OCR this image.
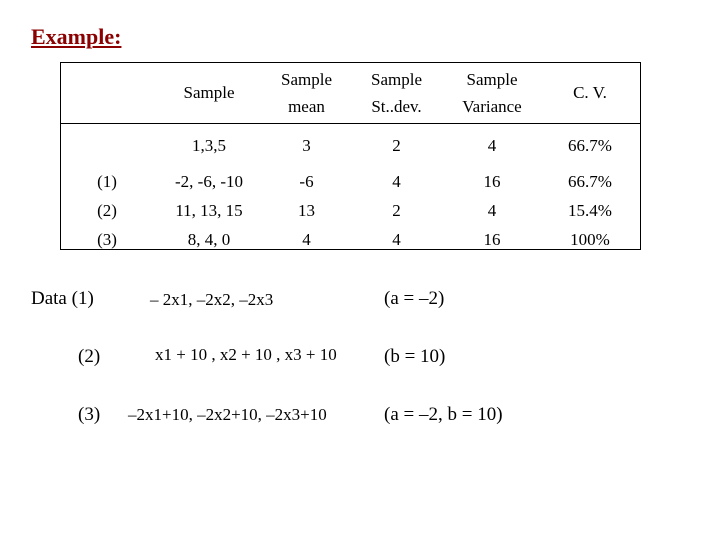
Example:
	Sample	Sample mean	Sample St..dev.	Sample Variance	C. V.
	1,3,5	3	2	4	66.7%
(1)	-2, -6, -10	-6	4	16	66.7%
(2)	11, 13, 15	13	2	4	15.4%
(3)	8, 4, 0	4	4	16	100%
Data (1)	– 2x1, –2x2, –2x3	(a = –2)
(2)	x1 + 10 , x2 + 10 , x3 + 10 (b = 10)
(3) –2x1+10, –2x2+10, –2x3+10	(a = –2, b = 10)
